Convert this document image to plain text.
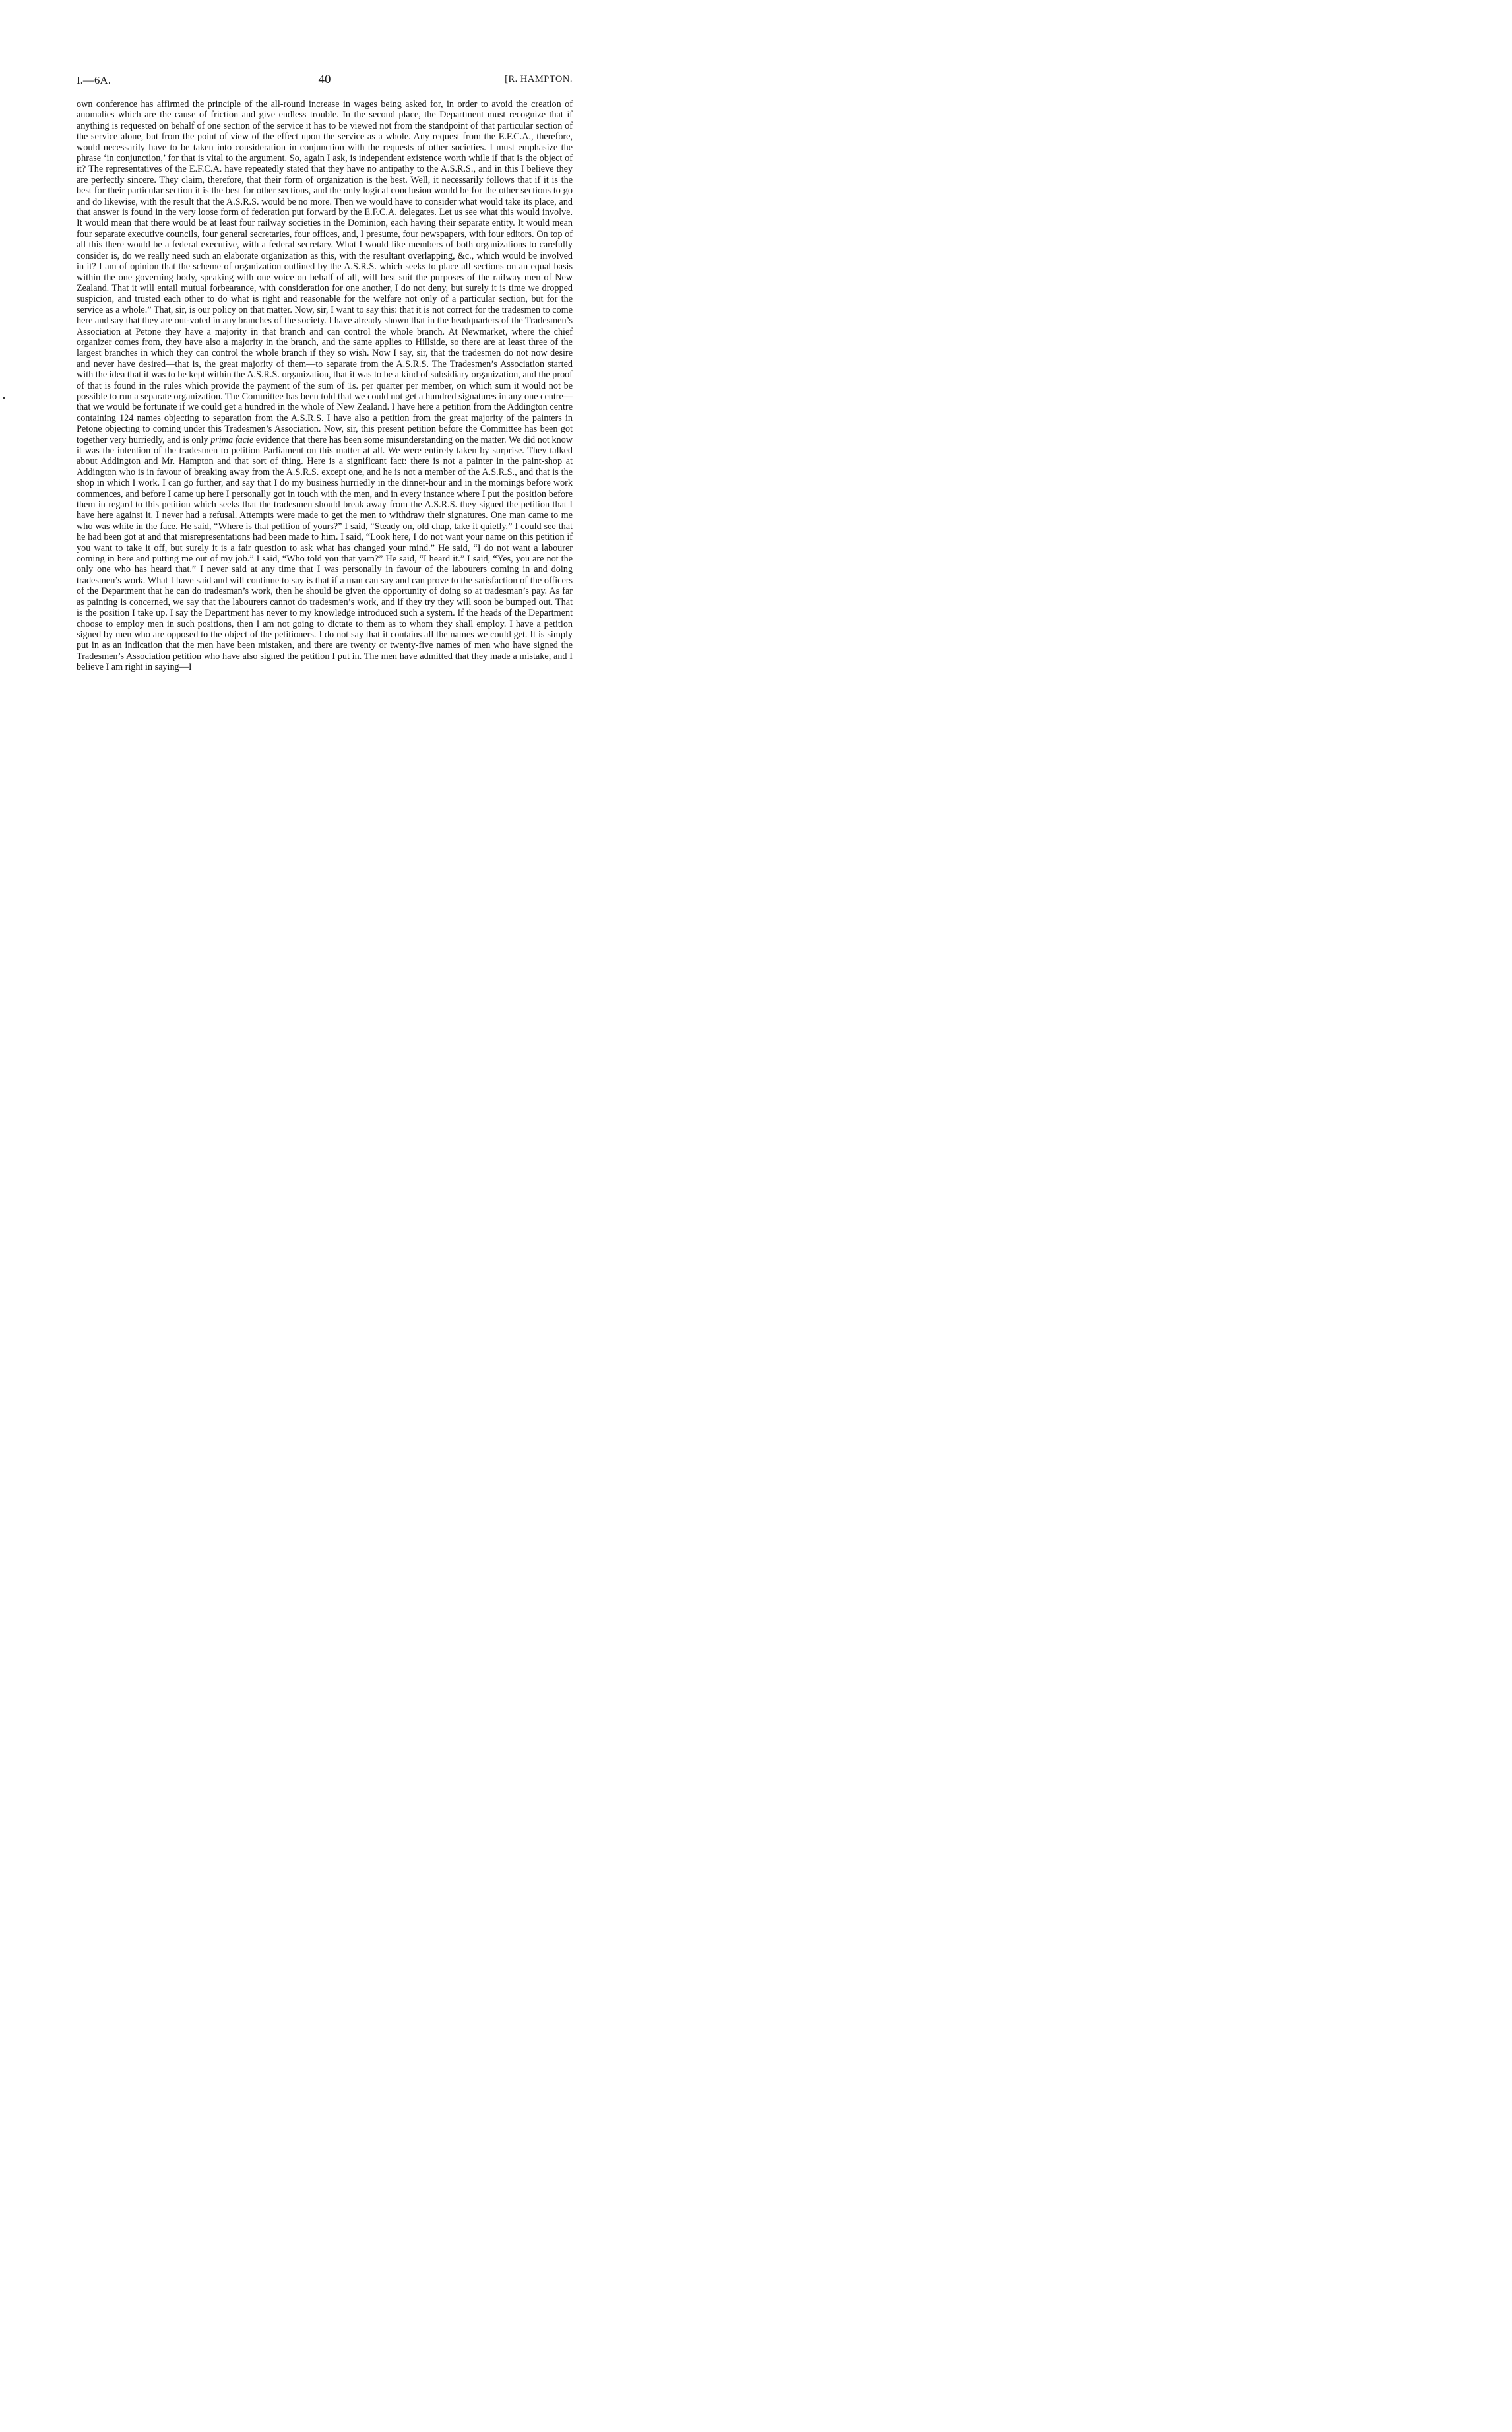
I.—6A.	40	[R. HAMPTON.

own conference has affirmed the principle of the all-round increase in wages being asked for, in order to avoid the creation of anomalies which are the cause of friction and give endless trouble. In the second place, the Department must recognize that if anything is requested on behalf of one section of the service it has to be viewed not from the standpoint of that particular section of the service alone, but from the point of view of the effect upon the service as a whole. Any request from the E.F.C.A., therefore, would necessarily have to be taken into consideration in conjunction with the requests of other societies. I must emphasize the phrase ‘in conjunction,’ for that is vital to the argument. So, again I ask, is independent existence worth while if that is the object of it? The representatives of the E.F.C.A. have repeatedly stated that they have no antipathy to the A.S.R.S., and in this I believe they are perfectly sincere. They claim, therefore, that their form of organization is the best. Well, it necessarily follows that if it is the best for their particular section it is the best for other sections, and the only logical conclusion would be for the other sections to go and do likewise, with the result that the A.S.R.S. would be no more. Then we would have to consider what would take its place, and that answer is found in the very loose form of federation put forward by the E.F.C.A. delegates. Let us see what this would involve. It would mean that there would be at least four railway societies in the Dominion, each having their separate entity. It would mean four separate executive councils, four general secretaries, four offices, and, I presume, four newspapers, with four editors. On top of all this there would be a federal executive, with a federal secretary. What I would like members of both organizations to carefully consider is, do we really need such an elaborate organization as this, with the resultant overlapping, &c., which would be involved in it? I am of opinion that the scheme of organization outlined by the A.S.R.S. which seeks to place all sections on an equal basis within the one governing body, speaking with one voice on behalf of all, will best suit the purposes of the railway men of New Zealand. That it will entail mutual forbearance, with consideration for one another, I do not deny, but surely it is time we dropped suspicion, and trusted each other to do what is right and reasonable for the welfare not only of a particular section, but for the service as a whole.” That, sir, is our policy on that matter. Now, sir, I want to say this: that it is not correct for the tradesmen to come here and say that they are out-voted in any branches of the society. I have already shown that in the headquarters of the Tradesmen’s Association at Petone they have a majority in that branch and can control the whole branch. At Newmarket, where the chief organizer comes from, they have also a majority in the branch, and the same applies to Hillside, so there are at least three of the largest branches in which they can control the whole branch if they so wish. Now I say, sir, that the tradesmen do not now desire and never have desired—that is, the great majority of them—to separate from the A.S.R.S. The Tradesmen’s Association started with the idea that it was to be kept within the A.S.R.S. organization, that it was to be a kind of subsidiary organization, and the proof of that is found in the rules which provide the payment of the sum of 1s. per quarter per member, on which sum it would not be possible to run a separate organization. The Committee has been told that we could not get a hundred signatures in any one centre—that we would be fortunate if we could get a hundred in the whole of New Zealand. I have here a petition from the Addington centre containing 124 names objecting to separation from the A.S.R.S. I have also a petition from the great majority of the painters in Petone objecting to coming under this Tradesmen’s Association. Now, sir, this present petition before the Committee has been got together very hurriedly, and is only prima facie evidence that there has been some misunderstanding on the matter. We did not know it was the intention of the tradesmen to petition Parliament on this matter at all. We were entirely taken by surprise. They talked about Addington and Mr. Hampton and that sort of thing. Here is a significant fact: there is not a painter in the paint-shop at Addington who is in favour of breaking away from the A.S.R.S. except one, and he is not a member of the A.S.R.S., and that is the shop in which I work. I can go further, and say that I do my business hurriedly in the dinner-hour and in the mornings before work commences, and before I came up here I personally got in touch with the men, and in every instance where I put the position before them in regard to this petition which seeks that the tradesmen should break away from the A.S.R.S. they signed the petition that I have here against it. I never had a refusal. Attempts were made to get the men to withdraw their signatures. One man came to me who was white in the face. He said, “Where is that petition of yours?” I said, “Steady on, old chap, take it quietly.” I could see that he had been got at and that misrepresentations had been made to him. I said, “Look here, I do not want your name on this petition if you want to take it off, but surely it is a fair question to ask what has changed your mind.” He said, “I do not want a labourer coming in here and putting me out of my job.” I said, “Who told you that yarn?” He said, “I heard it.” I said, “Yes, you are not the only one who has heard that.” I never said at any time that I was personally in favour of the labourers coming in and doing tradesmen’s work. What I have said and will continue to say is that if a man can say and can prove to the satisfaction of the officers of the Department that he can do tradesman’s work, then he should be given the opportunity of doing so at tradesman’s pay. As far as painting is concerned, we say that the labourers cannot do tradesmen’s work, and if they try they will soon be bumped out. That is the position I take up. I say the Department has never to my knowledge introduced such a system. If the heads of the Department choose to employ men in such positions, then I am not going to dictate to them as to whom they shall employ. I have a petition signed by men who are opposed to the object of the petitioners. I do not say that it contains all the names we could get. It is simply put in as an indication that the men have been mistaken, and there are twenty or twenty-five names of men who have signed the Tradesmen’s Association petition who have also signed the petition I put in. The men have admitted that they made a mistake, and I believe I am right in saying—I

▪
–
